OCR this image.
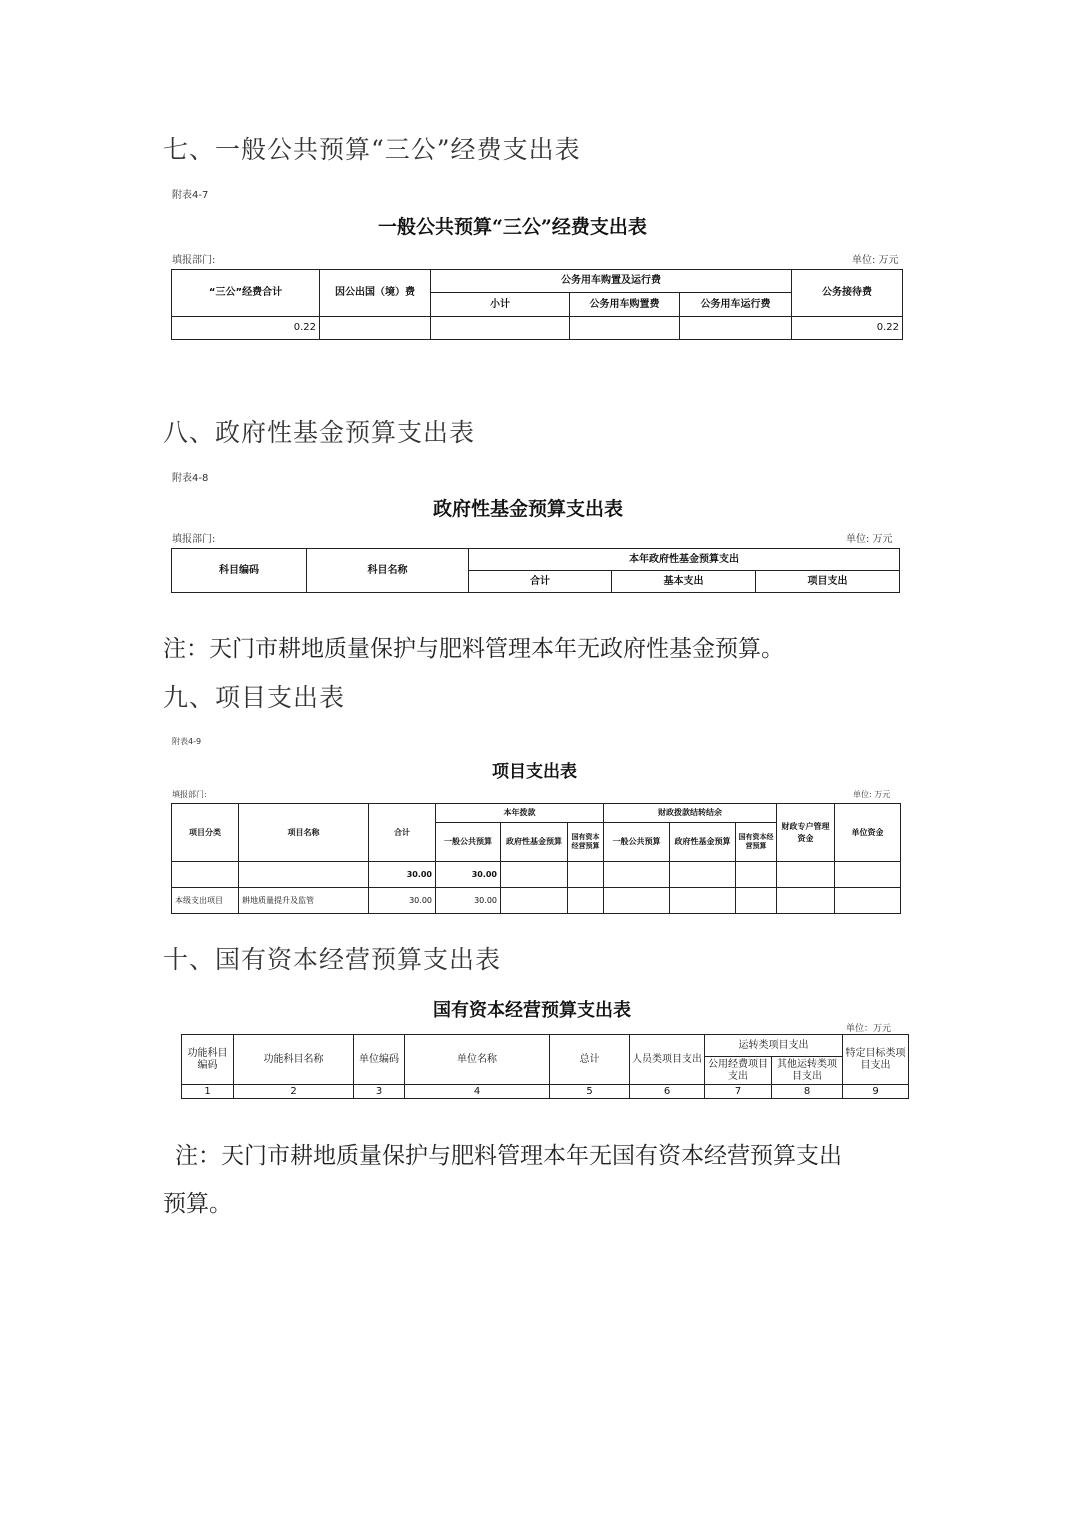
七、一般公共预算“三公”经费支出表
附表4-7
一般公共预算“三公”经费支出表
填报部门:	单位: 万元
“三公”经费合计	因公出国（境）费	公务用车购置及运行费			公务接待费
		小计	公务用车购置费	公务用车运行费	
0.22					0.22
八、政府性基金预算支出表
附表4-8
政府性基金预算支出表
填报部门:	单位: 万元
科目编码	科目名称	本年政府性基金预算支出		
		合计	基本支出	项目支出
注：天门市耕地质量保护与肥料管理本年无政府性基金预算。
九、项目支出表
附表4-9
项目支出表
填报部门:	单位: 万元
项目分类	项目名称	合计	本年拨款			财政拨款结转结余			财政专户管理资金	单位资金
			一般公共预算	政府性基金预算	国有资本经营预算	一般公共预算	政府性基金预算	国有资本经营预算		
		30.00	30.00							
本级支出项目	耕地质量提升及监管	30.00	30.00							
十、国有资本经营预算支出表
国有资本经营预算支出表
单位：万元
功能科目编码	功能科目名称	单位编码	单位名称	总计	人员类项目支出	运转类项目支出		特定目标类项目支出
						公用经费项目支出	其他运转类项目支出	
1	2	3	4	5	6	7	8	9
注：天门市耕地质量保护与肥料管理本年无国有资本经营预算支出
预算。
